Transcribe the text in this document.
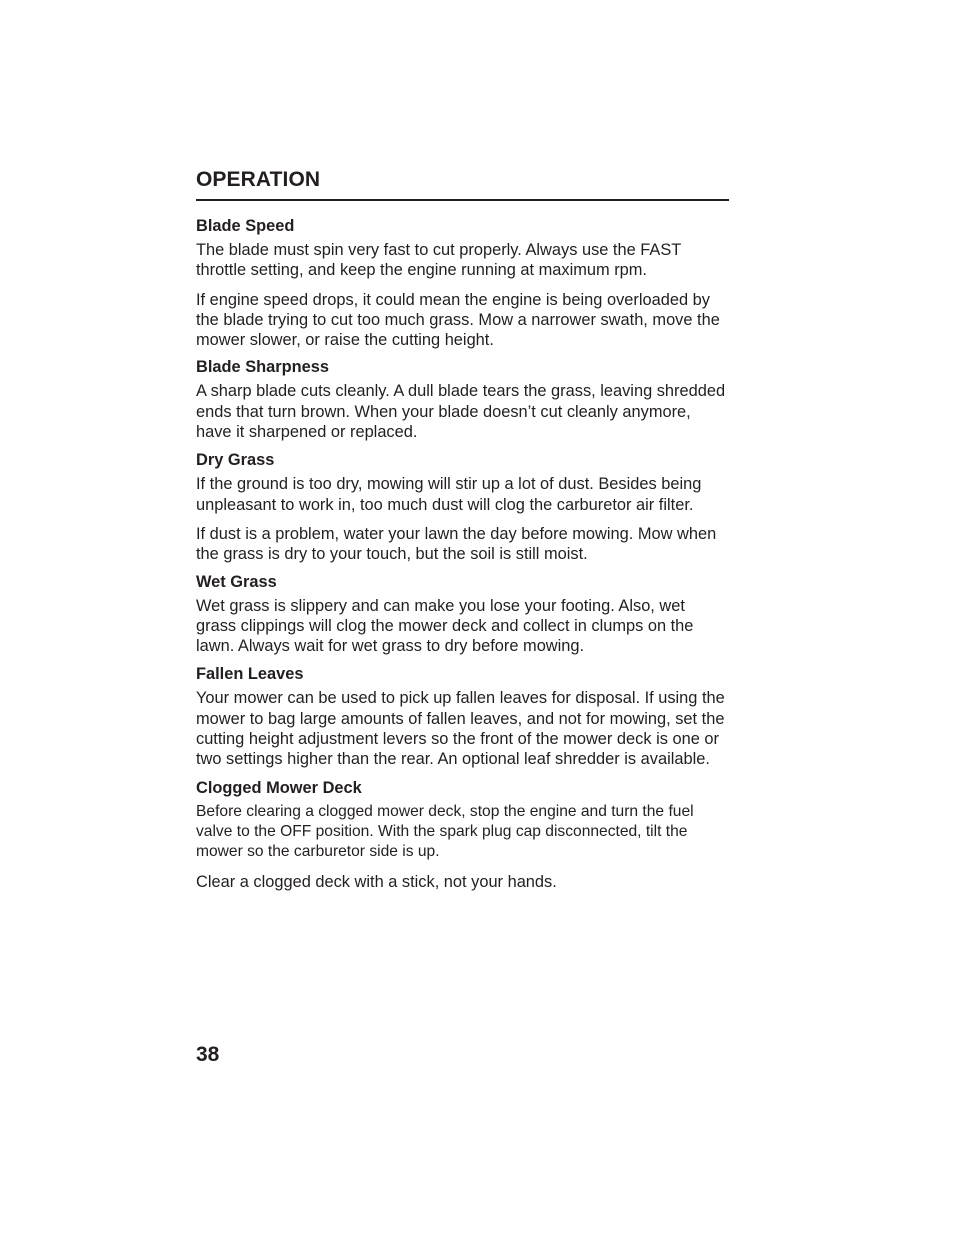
OPERATION
Blade Speed

The blade must spin very fast to cut properly. Always use the FAST throttle setting, and keep the engine running at maximum rpm.

If engine speed drops, it could mean the engine is being overloaded by the blade trying to cut too much grass. Mow a narrower swath, move the mower slower, or raise the cutting height.

Blade Sharpness

A sharp blade cuts cleanly. A dull blade tears the grass, leaving shredded ends that turn brown. When your blade doesn’t cut cleanly anymore, have it sharpened or replaced.

Dry Grass

If the ground is too dry, mowing will stir up a lot of dust. Besides being unpleasant to work in, too much dust will clog the carburetor air filter.

If dust is a problem, water your lawn the day before mowing. Mow when the grass is dry to your touch, but the soil is still moist.

Wet Grass

Wet grass is slippery and can make you lose your footing. Also, wet grass clippings will clog the mower deck and collect in clumps on the lawn. Always wait for wet grass to dry before mowing.

Fallen Leaves

Your mower can be used to pick up fallen leaves for disposal. If using the mower to bag large amounts of fallen leaves, and not for mowing, set the cutting height adjustment levers so the front of the mower deck is one or two settings higher than the rear. An optional leaf shredder is available.

Clogged Mower Deck

Before clearing a clogged mower deck, stop the engine and turn the fuel valve to the OFF position. With the spark plug cap disconnected, tilt the mower so the carburetor side is up.

Clear a clogged deck with a stick, not your hands.

38
